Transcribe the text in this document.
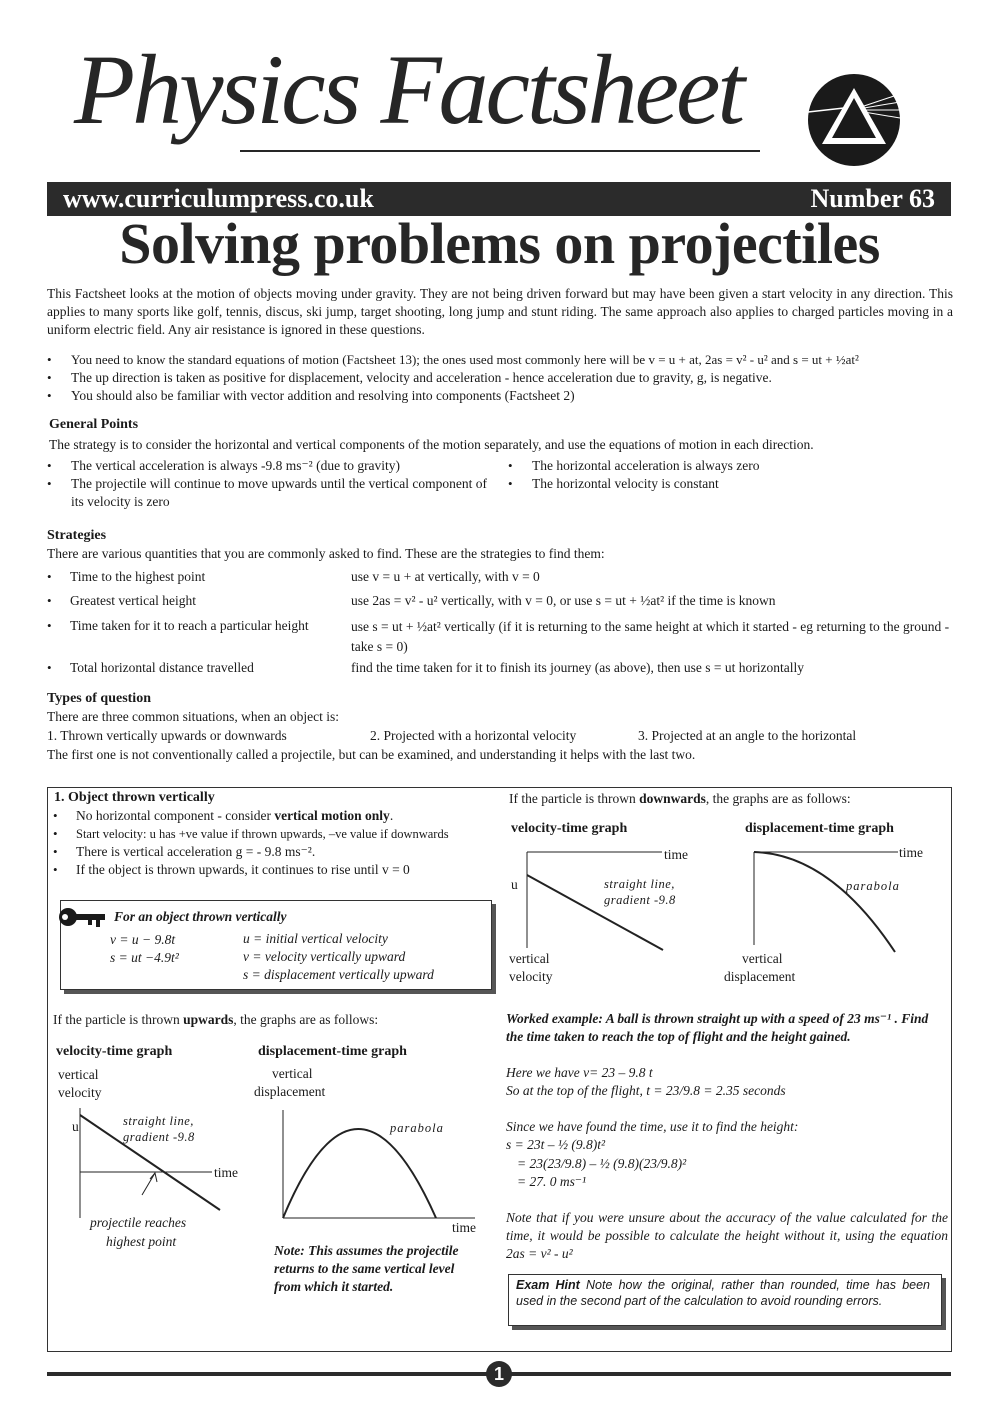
Physics Factsheet
www.curriculumpress.co.uk	Number 63
Solving problems on projectiles
This Factsheet looks at the motion of objects moving under gravity. They are not being driven forward but may have been given a start velocity in any direction. This applies to many sports like golf, tennis, discus, ski jump, target shooting, long jump and stunt riding. The same approach also applies to charged particles moving in a uniform electric field. Any air resistance is ignored in these questions.
• You need to know the standard equations of motion (Factsheet 13); the ones used most commonly here will be v = u + at, 2as = v² - u² and s = ut + ½at²
• The up direction is taken as positive for displacement, velocity and acceleration - hence acceleration due to gravity, g, is negative.
• You should also be familiar with vector addition and resolving into components (Factsheet 2)
General Points
The strategy is to consider the horizontal and vertical components of the motion separately, and use the equations of motion in each direction.
• The vertical acceleration is always -9.8 ms⁻² (due to gravity)
• The projectile will continue to move upwards until the vertical component of its velocity is zero
• The horizontal acceleration is always zero
• The horizontal velocity is constant
Strategies
There are various quantities that you are commonly asked to find. These are the strategies to find them:
• Time to the highest point	use v = u + at vertically, with v = 0
• Greatest vertical height	use 2as = v² - u² vertically, with v = 0, or use s = ut + ½at² if the time is known
• Time taken for it to reach a particular height	use s = ut + ½at² vertically (if it is returning to the same height at which it started - eg returning to the ground - take s = 0)
• Total horizontal distance travelled	find the time taken for it to finish its journey (as above), then use s = ut horizontally
Types of question
There are three common situations, when an object is:
1. Thrown vertically upwards or downwards	2. Projected with a horizontal velocity	3. Projected at an angle to the horizontal
The first one is not conventionally called a projectile, but can be examined, and understanding it helps with the last two.
1. Object thrown vertically
• No horizontal component - consider vertical motion only.
• Start velocity: u has +ve value if thrown upwards, –ve value if downwards
• There is vertical acceleration g = - 9.8 ms⁻².
• If the object is thrown upwards, it continues to rise until v = 0
For an object thrown vertically
v = u − 9.8t
s = ut −4.9t²
u = initial vertical velocity
v = velocity vertically upward
s = displacement vertically upward
If the particle is thrown downwards, the graphs are as follows:
velocity-time graph	displacement-time graph
time
u	straight line,
gradient -9.8
vertical
velocity
time
parabola
vertical
displacement
If the particle is thrown upwards, the graphs are as follows:
velocity-time graph	displacement-time graph
vertical
velocity
vertical
displacement
u	straight line,
gradient -9.8
time
projectile reaches
highest point
parabola
time
Note: This assumes the projectile returns to the same vertical level from which it started.
Worked example: A ball is thrown straight up with a speed of 23 ms⁻¹ . Find the time taken to reach the top of flight and the height gained.
Here we have v= 23 – 9.8 t
So at the top of the flight, t = 23/9.8 = 2.35 seconds
Since we have found the time, use it to find the height:
s = 23t – ½ (9.8)t²
= 23(23/9.8) – ½ (9.8)(23/9.8)²
= 27. 0 ms⁻¹
Note that if you were unsure about the accuracy of the value calculated for the time, it would be possible to calculate the height without it, using the equation 2as = v² - u²
Exam Hint Note how the original, rather than rounded, time has been used in the second part of the calculation to avoid rounding errors.
1
